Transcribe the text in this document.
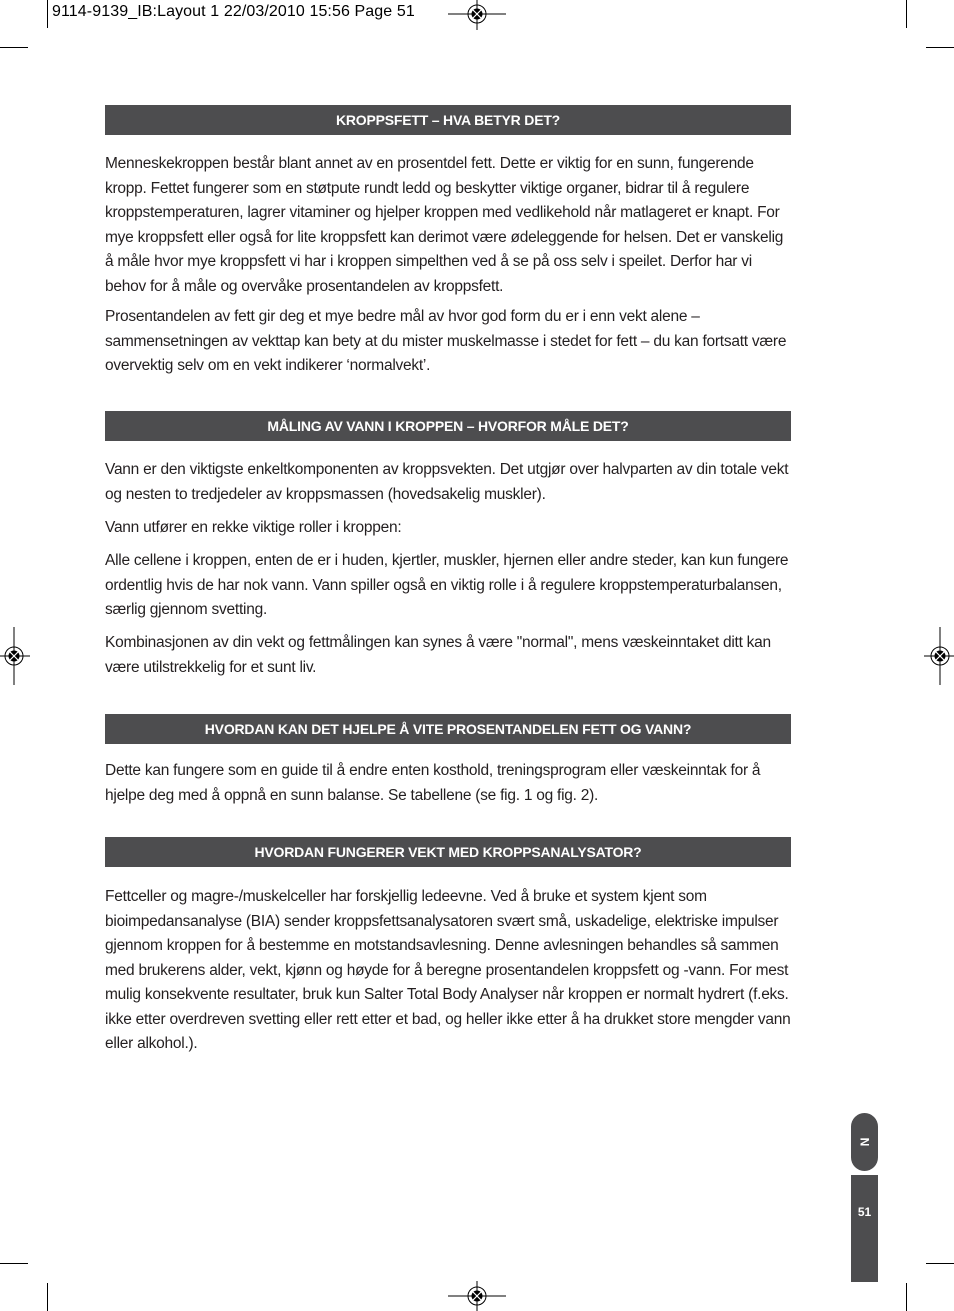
9114-9139_IB:Layout 1 22/03/2010 15:56 Page 51
KROPPSFETT – HVA BETYR DET?

Menneskekroppen består blant annet av en prosentdel fett. Dette er viktig for en sunn, fungerende kropp. Fettet fungerer som en støtpute rundt ledd og beskytter viktige organer, bidrar til å regulere kroppstemperaturen, lagrer vitaminer og hjelper kroppen med vedlikehold når matlageret er knapt. For mye kroppsfett eller også for lite kroppsfett kan derimot være ødeleggende for helsen. Det er vanskelig å måle hvor mye kroppsfett vi har i kroppen simpelthen ved å se på oss selv i speilet. Derfor har vi behov for å måle og overvåke prosentandelen av kroppsfett.

Prosentandelen av fett gir deg et mye bedre mål av hvor god form du er i enn vekt alene – sammensetningen av vekttap kan bety at du mister muskelmasse i stedet for fett – du kan fortsatt være overvektig selv om en vekt indikerer ‘normalvekt’.

MÅLING AV VANN I KROPPEN – HVORFOR MÅLE DET?

Vann er den viktigste enkeltkomponenten av kroppsvekten. Det utgjør over halvparten av din totale vekt og nesten to tredjedeler av kroppsmassen (hovedsakelig muskler).

Vann utfører en rekke viktige roller i kroppen:

Alle cellene i kroppen, enten de er i huden, kjertler, muskler, hjernen eller andre steder, kan kun fungere ordentlig hvis de har nok vann. Vann spiller også en viktig rolle i å regulere kroppstemperaturbalansen, særlig gjennom svetting.

Kombinasjonen av din vekt og fettmålingen kan synes å være "normal", mens væskeinntaket ditt kan være utilstrekkelig for et sunt liv.

HVORDAN KAN DET HJELPE Å VITE PROSENTANDELEN FETT OG VANN?

Dette kan fungere som en guide til å endre enten kosthold, treningsprogram eller væskeinntak for å hjelpe deg med å oppnå en sunn balanse. Se tabellene (se fig. 1 og fig. 2).

HVORDAN FUNGERER VEKT MED KROPPSANALYSATOR?

Fettceller og magre-/muskelceller har forskjellig ledeevne. Ved å bruke et system kjent som bioimpedansanalyse (BIA) sender kroppsfettsanalysatoren svært små, uskadelige, elektriske impulser gjennom kroppen for å bestemme en motstandsavlesning. Denne avlesningen behandles så sammen med brukerens alder, vekt, kjønn og høyde for å beregne prosentandelen kroppsfett og -vann. For mest mulig konsekvente resultater, bruk kun Salter Total Body Analyser når kroppen er normalt hydrert (f.eks. ikke etter overdreven svetting eller rett etter et bad, og heller ikke etter å ha drukket store mengder vann eller alkohol.).

N
51
